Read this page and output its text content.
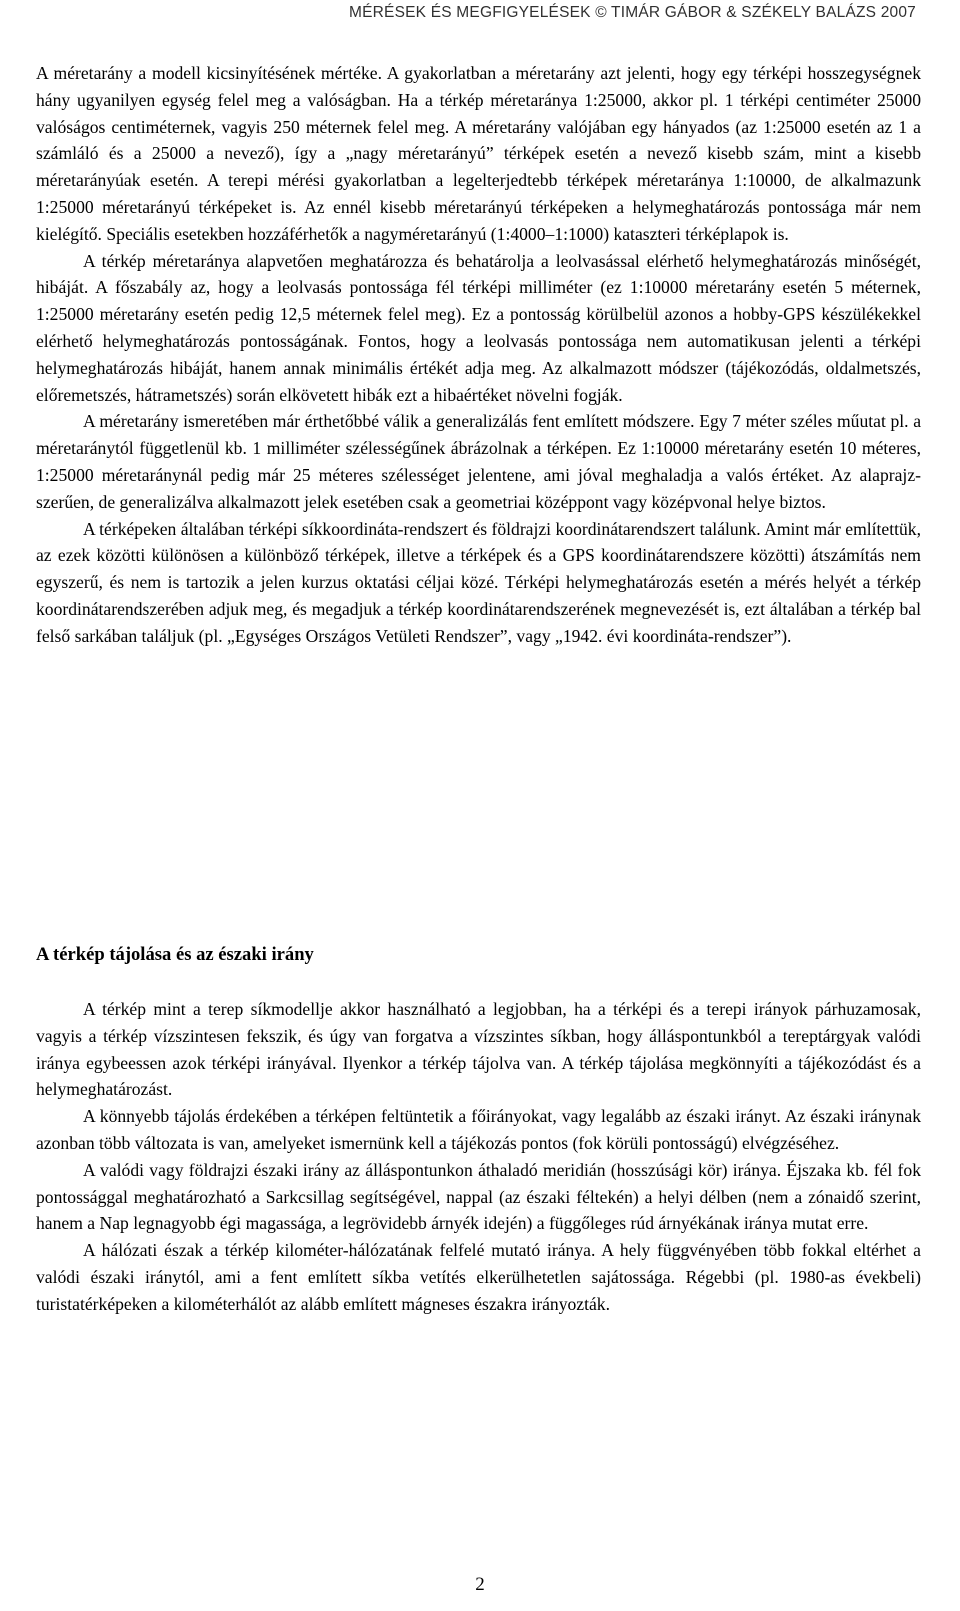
MÉRÉSEK ÉS MEGFIGYELÉSEK © TIMÁR GÁBOR & SZÉKELY BALÁZS 2007

A méretarány a modell kicsinyítésének mértéke. A gyakorlatban a méretarány azt jelenti, hogy egy térképi hosszegységnek hány ugyanilyen egység felel meg a valóságban. Ha a térkép méretaránya 1:25000, akkor pl. 1 térképi centiméter 25000 valóságos centiméternek, vagyis 250 méternek felel meg. A méretarány valójában egy hányados (az 1:25000 esetén az 1 a számláló és a 25000 a nevező), így a „nagy méretarányú” térképek esetén a nevező kisebb szám, mint a kisebb méretarányúak esetén. A terepi mérési gyakorlatban a legelterjedtebb térképek méretaránya 1:10000, de alkalmazunk 1:25000 méretarányú térképeket is. Az ennél kisebb méretarányú térképeken a helymeghatározás pontossága már nem kielégítő. Speciális esetekben hozzáférhetők a nagyméretarányú (1:4000–1:1000) kataszteri térképlapok is.

A térkép méretaránya alapvetően meghatározza és behatárolja a leolvasással elérhető helymeghatározás minőségét, hibáját. A főszabály az, hogy a leolvasás pontossága fél térképi milliméter (ez 1:10000 méretarány esetén 5 méternek, 1:25000 méretarány esetén pedig 12,5 méternek felel meg). Ez a pontosság körülbelül azonos a hobby-GPS készülékekkel elérhető helymeghatározás pontosságának. Fontos, hogy a leolvasás pontossága nem automatikusan jelenti a térképi helymeghatározás hibáját, hanem annak minimális értékét adja meg. Az alkalmazott módszer (tájékozódás, oldalmetszés, előremetszés, hátrametszés) során elkövetett hibák ezt a hibaértéket növelni fogják.

A méretarány ismeretében már érthetőbbé válik a generalizálás fent említett módszere. Egy 7 méter széles műutat pl. a méretaránytól függetlenül kb. 1 milliméter szélességűnek ábrázolnak a térképen. Ez 1:10000 méretarány esetén 10 méteres, 1:25000 méretaránynál pedig már 25 méteres szélességet jelentene, ami jóval meghaladja a valós értéket. Az alaprajz-szerűen, de generalizálva alkalmazott jelek esetében csak a geometriai középpont vagy középvonal helye biztos.

A térképeken általában térképi síkkoordináta-rendszert és földrajzi koordinátarendszert találunk. Amint már említettük, az ezek közötti különösen a különböző térképek, illetve a térképek és a GPS koordinátarendszere közötti) átszámítás nem egyszerű, és nem is tartozik a jelen kurzus oktatási céljai közé. Térképi helymeghatározás esetén a mérés helyét a térkép koordinátarendszerében adjuk meg, és megadjuk a térkép koordinátarendszerének megnevezését is, ezt általában a térkép bal felső sarkában találjuk (pl. „Egységes Országos Vetületi Rendszer”, vagy „1942. évi koordináta-rendszer”).

A térkép tájolása és az északi irány

A térkép mint a terep síkmodellje akkor használható a legjobban, ha a térképi és a terepi irányok párhuzamosak, vagyis a térkép vízszintesen fekszik, és úgy van forgatva a vízszintes síkban, hogy álláspontunkból a tereptárgyak valódi iránya egybeessen azok térképi irányával. Ilyenkor a térkép tájolva van. A térkép tájolása megkönnyíti a tájékozódást és a helymeghatározást.

A könnyebb tájolás érdekében a térképen feltüntetik a főirányokat, vagy legalább az északi irányt. Az északi iránynak azonban több változata is van, amelyeket ismernünk kell a tájékozás pontos (fok körüli pontosságú) elvégzéséhez.

A valódi vagy földrajzi északi irány az álláspontunkon áthaladó meridián (hosszúsági kör) iránya. Éjszaka kb. fél fok pontossággal meghatározható a Sarkcsillag segítségével, nappal (az északi féltekén) a helyi délben (nem a zónaidő szerint, hanem a Nap legnagyobb égi magassága, a legrövidebb árnyék idején) a függőleges rúd árnyékának iránya mutat erre.

A hálózati észak a térkép kilométer-hálózatának felfelé mutató iránya. A hely függvényében több fokkal eltérhet a valódi északi iránytól, ami a fent említett síkba vetítés elkerülhetetlen sajátossága. Régebbi (pl. 1980-as évekbeli) turistatérképeken a kilométerhálót az alább említett mágneses északra irányozták.

2
